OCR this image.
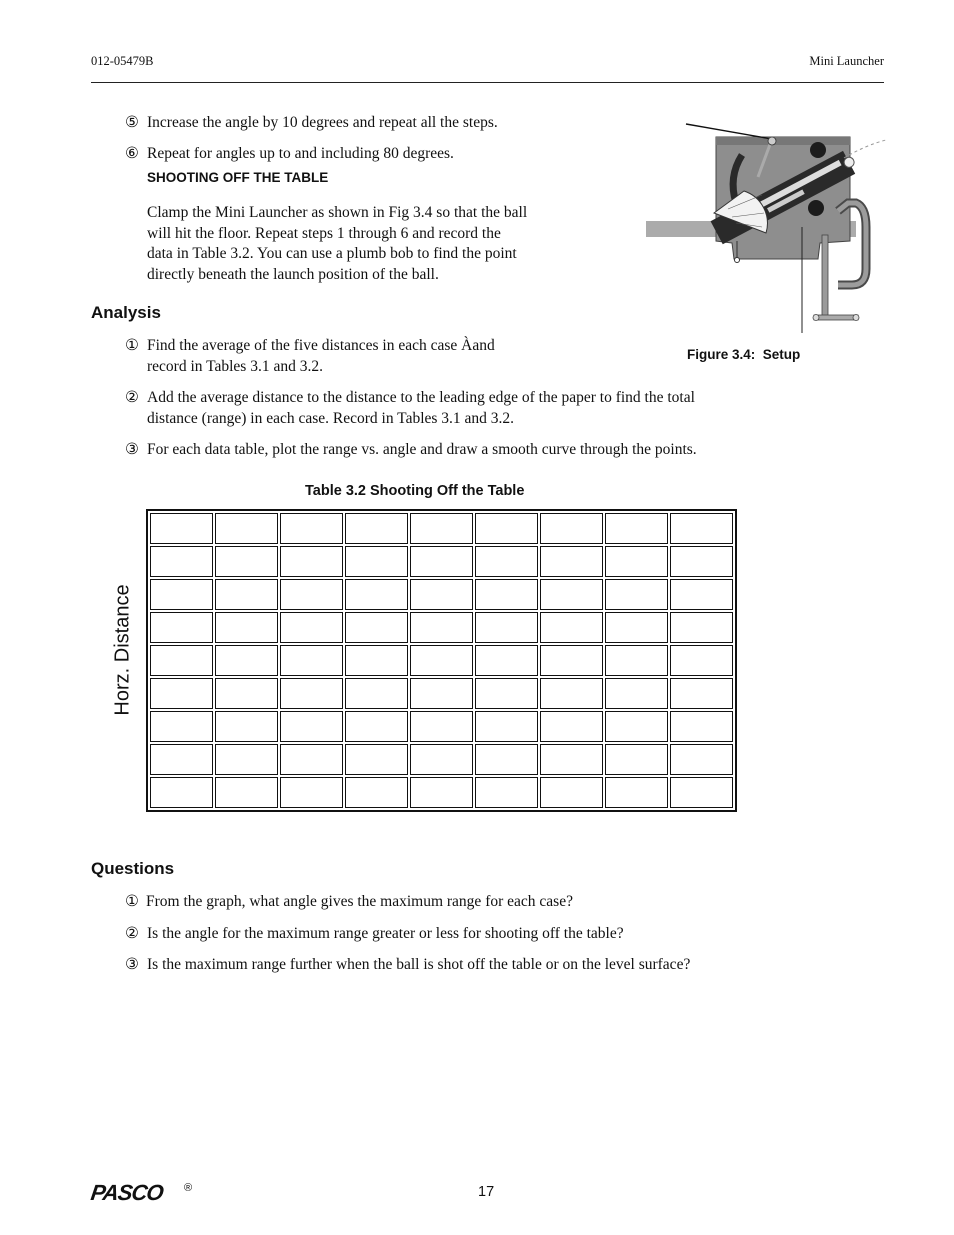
012-05479B	Mini Launcher
⑤ Increase the angle by 10 degrees and repeat all the steps.
⑥ Repeat for angles up to and including 80 degrees.
SHOOTING OFF THE TABLE
Clamp the Mini Launcher as shown in Fig 3.4 so that the ball
will hit the floor. Repeat steps 1 through 6 and record the
data in Table 3.2. You can use a plumb bob to find the point
directly beneath the launch position of the ball.
Figure 3.4:  Setup
Analysis
① Find the average of the five distances in each case Àand
record in Tables 3.1 and 3.2.
② Add the average distance to the distance to the leading edge of the paper to find the total
distance (range) in each case. Record in Tables 3.1 and 3.2.
③ For each data table, plot the range vs. angle and draw a smooth curve through the points.
Table 3.2 Shooting Off the Table
Horz. Distance

Questions
① From the graph, what angle gives the maximum range for each case?
② Is the angle for the maximum range greater or less for shooting off the table?
③ Is the maximum range further when the ball is shot off the table or on the level surface?
PASCO ®	17
